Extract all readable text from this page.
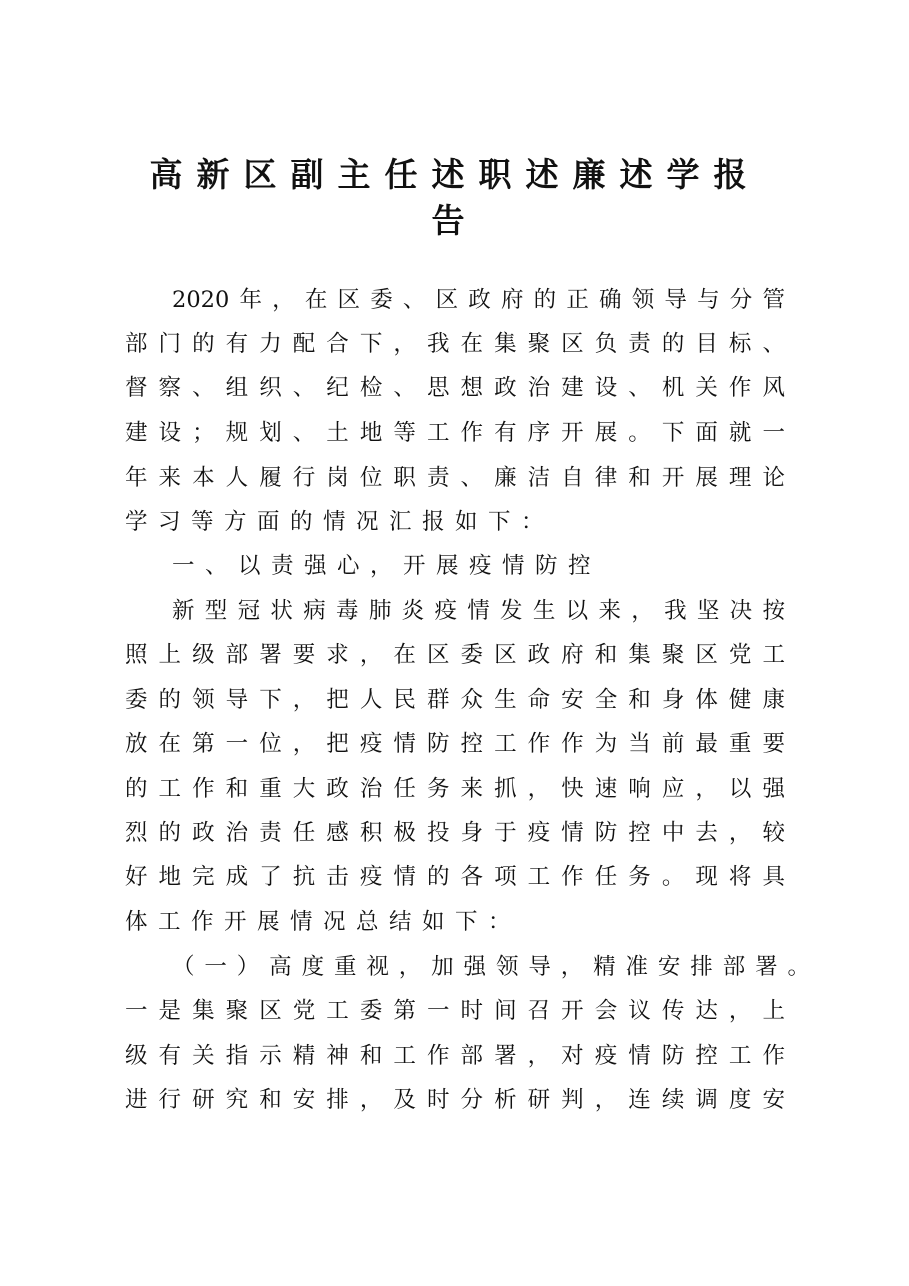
高新区副主任述职述廉述学报
告
2020年，在区委、区政府的正确领导与分管
部门的有力配合下，我在集聚区负责的目标、
督察、组织、纪检、思想政治建设、机关作风
建设；规划、土地等工作有序开展。下面就一
年来本人履行岗位职责、廉洁自律和开展理论
学习等方面的情况汇报如下：
一、以责强心，开展疫情防控
新型冠状病毒肺炎疫情发生以来，我坚决按
照上级部署要求，在区委区政府和集聚区党工
委的领导下，把人民群众生命安全和身体健康
放在第一位，把疫情防控工作作为当前最重要
的工作和重大政治任务来抓，快速响应，以强
烈的政治责任感积极投身于疫情防控中去，较
好地完成了抗击疫情的各项工作任务。现将具
体工作开展情况总结如下：
（一）高度重视，加强领导，精准安排部署。
一是集聚区党工委第一时间召开会议传达，上
级有关指示精神和工作部署，对疫情防控工作
进行研究和安排，及时分析研判，连续调度安
